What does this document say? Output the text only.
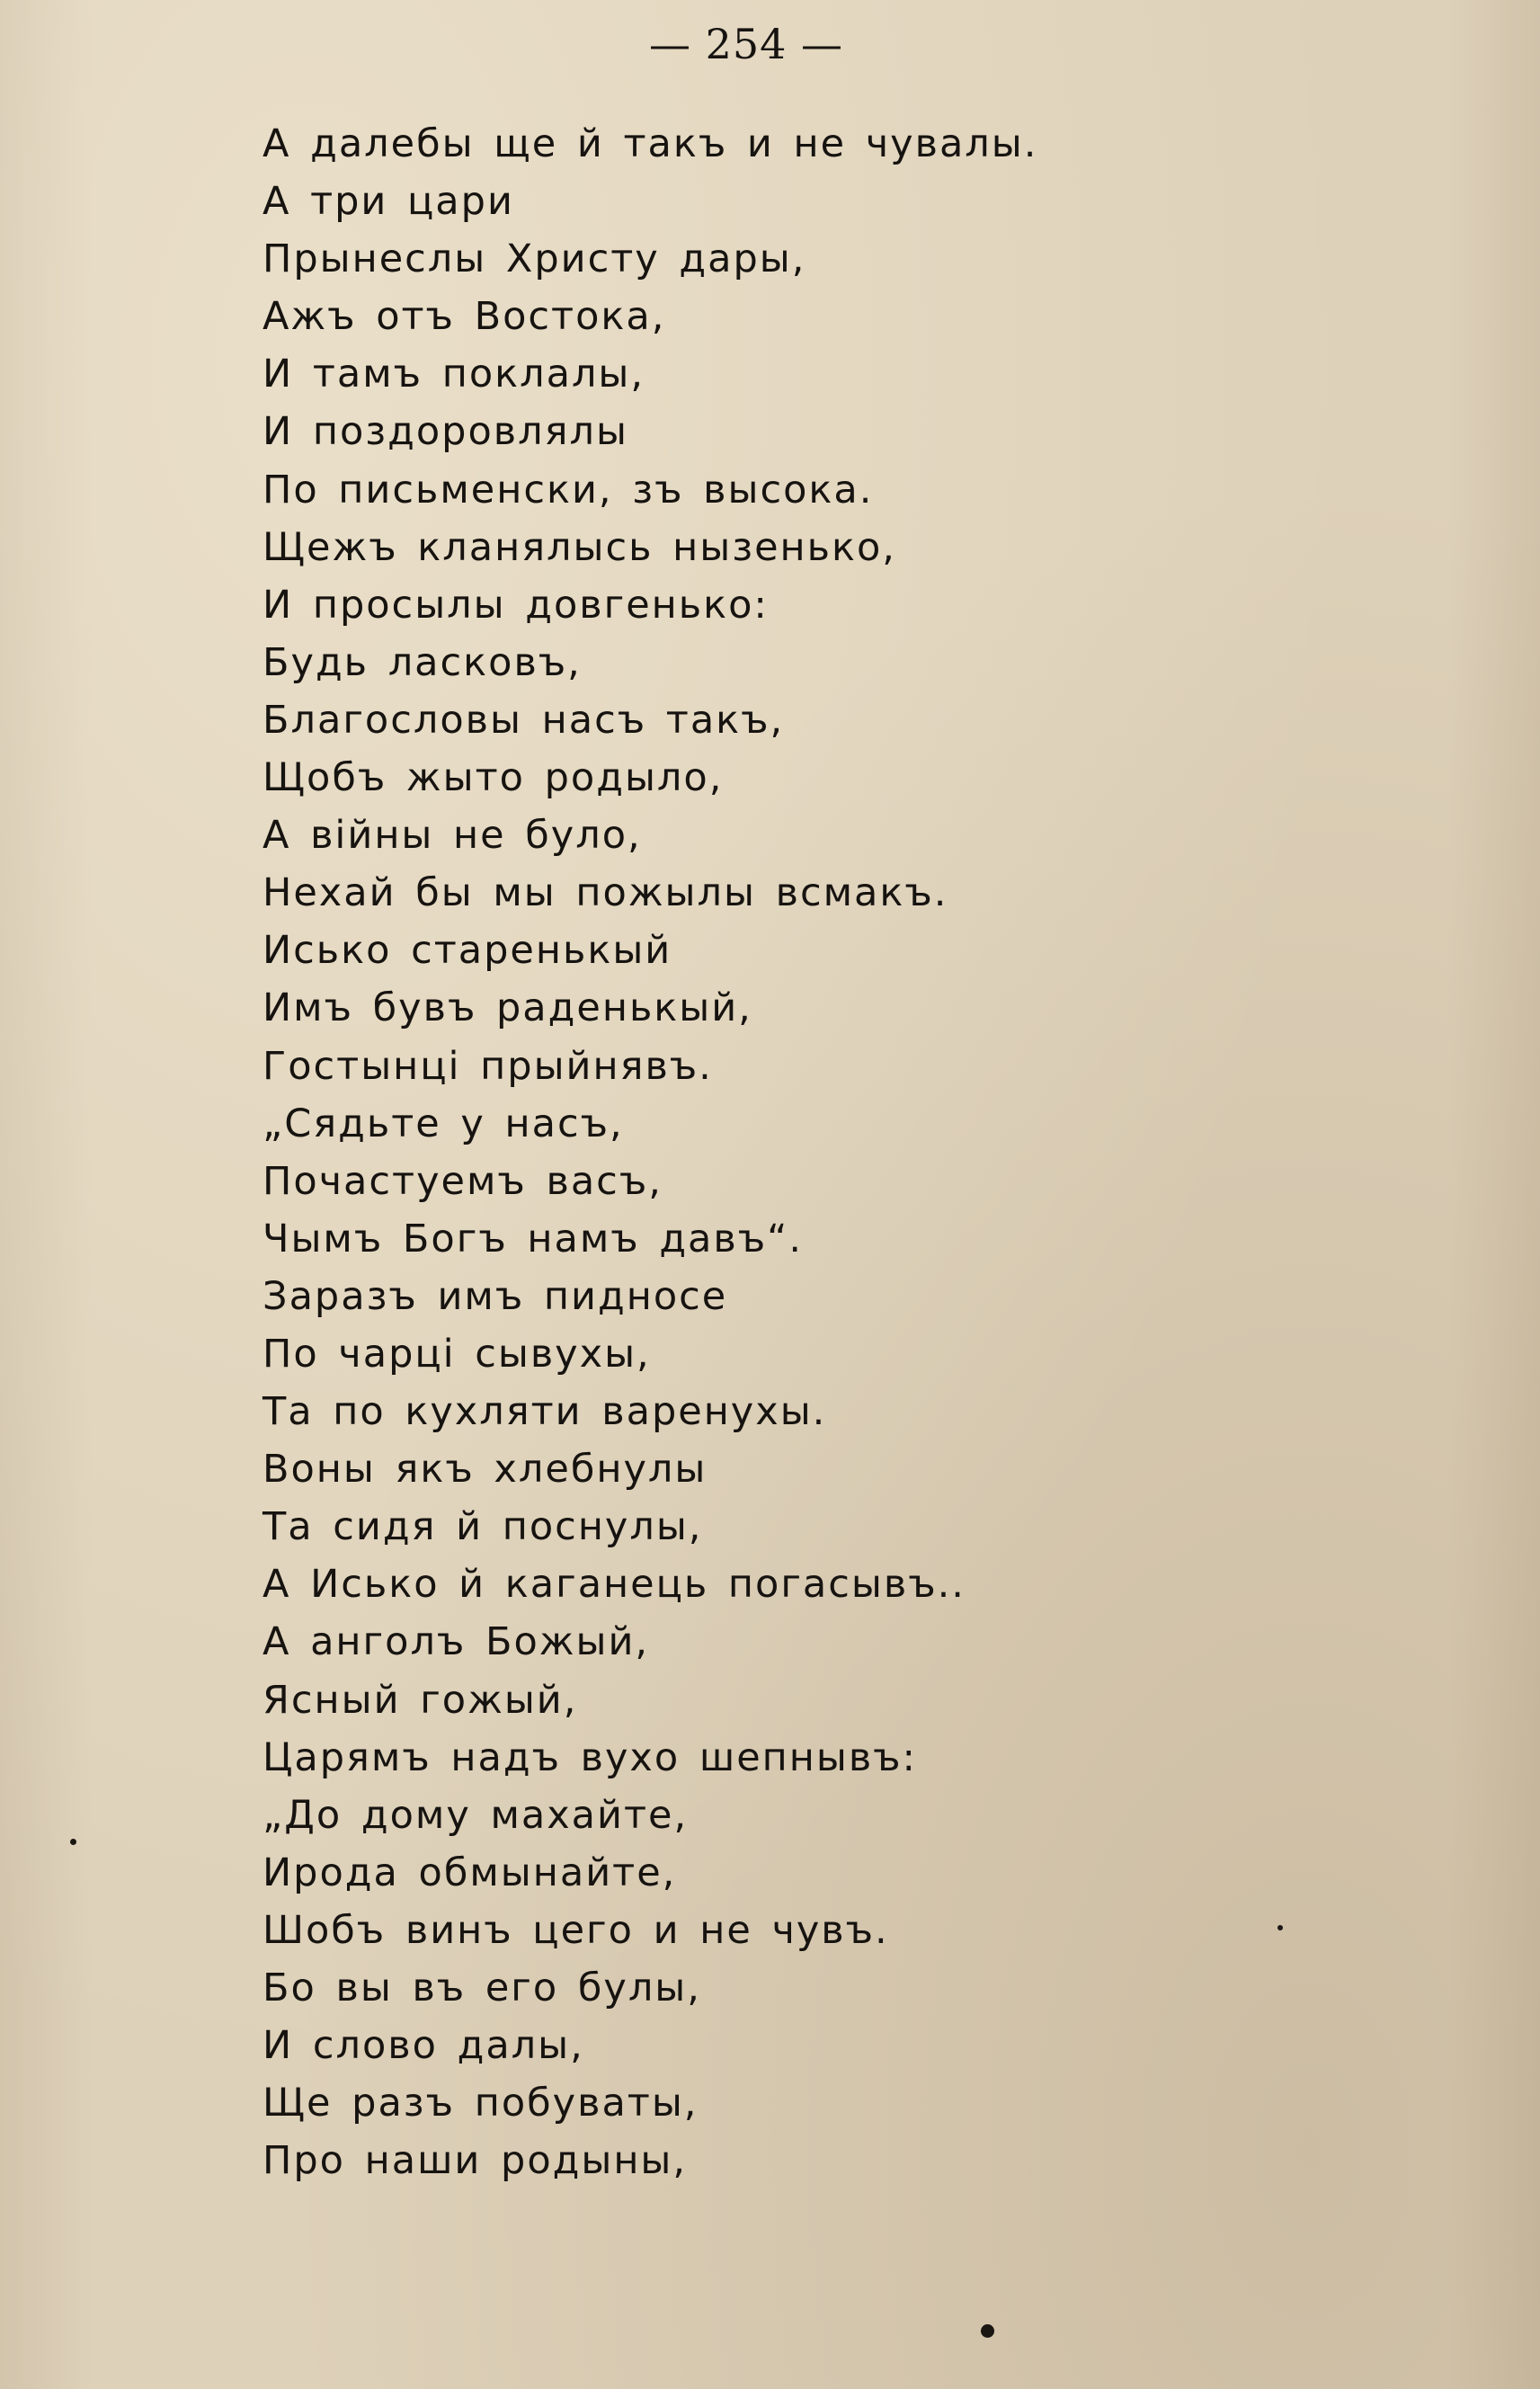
— 254 —
А далебы ще й такъ и не чувалы.
А три цари
Прынеслы Христу дары,
Ажъ отъ Востока,
И тамъ поклалы,
И поздоровлялы
По письменски, зъ высока.
Щежъ кланялысь нызенько,
И просылы довгенько:
Будь ласковъ,
Благословы насъ такъ,
Щобъ жыто родыло,
А вiйны не було,
Нехай бы мы пожылы всмакъ.
Исько старенькый
Имъ бувъ раденькый,
Гостынцi прыйнявъ.
„Сядьте у насъ,
Почастуемъ васъ,
Чымъ Богъ намъ давъ“.
Заразъ имъ пидносе
По чарцi сывухы,
Та по кухляти варенухы.
Воны якъ хлебнулы
Та сидя й поснулы,
А Исько й каганець погасывъ..
А анголъ Божый,
Ясный гожый,
Царямъ надъ вухо шепнывъ:
„До дому махайте,
Ирода обмынайте,
Шобъ винъ цего и не чувъ.
Бо вы въ его булы,
И слово далы,
Ще разъ побуваты,
Про наши родыны,
